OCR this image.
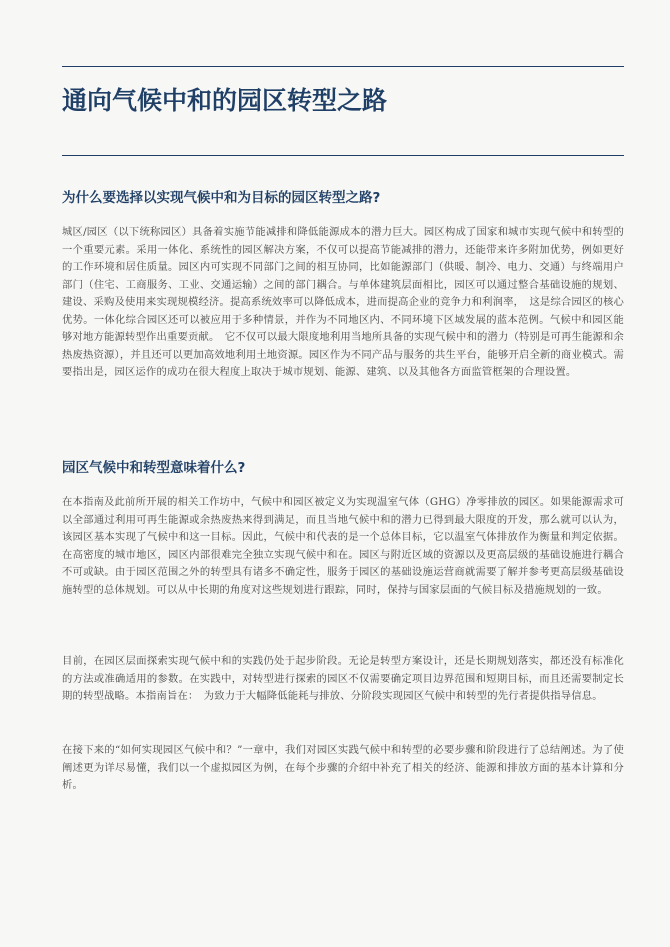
通向气候中和的园区转型之路
为什么要选择以实现气候中和为目标的园区转型之路?

城区/园区（以下统称园区）具备着实施节能减排和降低能源成本的潜力巨大。园区构成了国家和城市实现气候中和转型的一个重要元素。采用一体化、系统性的园区解决方案，不仅可以提高节能减排的潜力，还能带来许多附加优势，例如更好的工作环境和居住质量。园区内可实现不同部门之间的相互协同，比如能源部门（供暖、制冷、电力、交通）与终端用户部门（住宅、工商服务、工业、交通运输）之间的部门耦合。与单体建筑层面相比，园区可以通过整合基础设施的规划、建设、采购及使用来实现规模经济。提高系统效率可以降低成本，进而提高企业的竞争力和利润率，　这是综合园区的核心优势。一体化综合园区还可以被应用于多种情景，并作为不同地区内、不同环境下区域发展的蓝本范例。气候中和园区能够对地方能源转型作出重要贡献。　它不仅可以最大限度地利用当地所具备的实现气候中和的潜力（特别是可再生能源和余热废热资源），并且还可以更加高效地利用土地资源。园区作为不同产品与服务的共生平台，能够开启全新的商业模式。需要指出是，园区运作的成功在很大程度上取决于城市规划、能源、建筑、以及其他各方面监管框架的合理设置。

园区气候中和转型意味着什么?

在本指南及此前所开展的相关工作坊中，气候中和园区被定义为实现温室气体（GHG）净零排放的园区。如果能源需求可以全部通过利用可再生能源或余热废热来得到满足，而且当地气候中和的潜力已得到最大限度的开发，那么就可以认为，该园区基本实现了气候中和这一目标。因此，气候中和代表的是一个总体目标，它以温室气体排放作为衡量和判定依据。在高密度的城市地区，园区内部很难完全独立实现气候中和在。园区与附近区域的资源以及更高层级的基础设施进行耦合不可或缺。由于园区范围之外的转型具有诸多不确定性，服务于园区的基础设施运营商就需要了解并参考更高层级基础设施转型的总体规划。可以从中长期的角度对这些规划进行跟踪，同时，保持与国家层面的气候目标及措施规划的一致。

目前，在园区层面探索实现气候中和的实践仍处于起步阶段。无论是转型方案设计，还是长期规划落实，都还没有标准化的方法或准确适用的参数。在实践中，对转型进行探索的园区不仅需要确定项目边界范围和短期目标，而且还需要制定长期的转型战略。本指南旨在：　为致力于大幅降低能耗与排放、分阶段实现园区气候中和转型的先行者提供指导信息。

在接下来的“如何实现园区气候中和？”一章中，我们对园区实践气候中和转型的必要步骤和阶段进行了总结阐述。为了使阐述更为详尽易懂，我们以一个虚拟园区为例，在每个步骤的介绍中补充了相关的经济、能源和排放方面的基本计算和分析。
